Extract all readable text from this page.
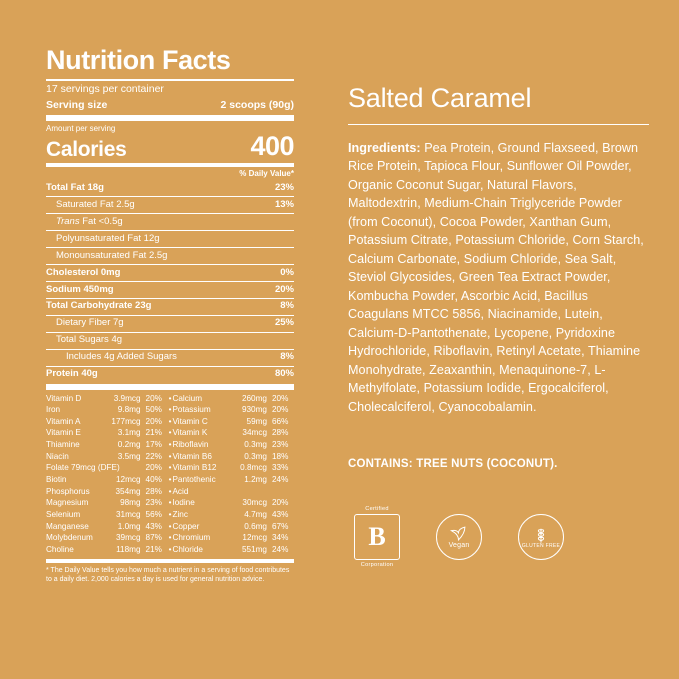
Nutrition Facts
17 servings per container
Serving size	2 scoops (90g)
Amount per serving
Calories	400
% Daily Value*
Total Fat 18g	23%
Saturated Fat 2.5g	13%
Trans Fat <0.5g
Polyunsaturated Fat 12g
Monounsaturated Fat 2.5g
Cholesterol 0mg	0%
Sodium 450mg	20%
Total Carbohydrate 23g	8%
Dietary Fiber 7g	25%
Total Sugars 4g
Includes 4g Added Sugars	8%
Protein 40g	80%
Vitamin D	3.9mcg 20% • Calcium	260mg 20%
Iron	9.8mg 50% • Potassium	930mg 20%
Vitamin A	177mcg 20% • Vitamin C	59mg 66%
Vitamin E	3.1mg 21% • Vitamin K	34mcg 28%
Thiamine	0.2mg 17% • Riboflavin	0.3mg 23%
Niacin	3.5mg 22% • Vitamin B6	0.3mg 18%
Folate 79mcg (DFE)	20% • Vitamin B12	0.8mcg 33%
Biotin	12mcg 40% • Pantothenic	1.2mg 24%
Phosphorus	354mg 28% • Acid
Magnesium	98mg 23% • Iodine	30mcg 20%
Selenium	31mcg 56% • Zinc	4.7mg 43%
Manganese	1.0mg 43% • Copper	0.6mg 67%
Molybdenum	39mcg 87% • Chromium	12mcg 34%
Choline	118mg 21% • Chloride	551mg 24%
* The Daily Value tells you how much a nutrient in a serving of food contributes to a daily diet. 2,000 calories a day is used for general nutrition advice.
Salted Caramel
Ingredients: Pea Protein, Ground Flaxseed, Brown Rice Protein, Tapioca Flour, Sunflower Oil Powder, Organic Coconut Sugar, Natural Flavors, Maltodextrin, Medium-Chain Triglyceride Powder (from Coconut), Cocoa Powder, Xanthan Gum, Potassium Citrate, Potassium Chloride, Corn Starch, Calcium Carbonate, Sodium Chloride, Sea Salt, Steviol Glycosides, Green Tea Extract Powder, Kombucha Powder, Ascorbic Acid, Bacillus Coagulans MTCC 5856, Niacinamide, Lutein, Calcium-D-Pantothenate, Lycopene, Pyridoxine Hydrochloride, Riboflavin, Retinyl Acetate, Thiamine Monohydrate, Zeaxanthin, Menaquinone-7, L-Methylfolate, Potassium Iodide, Ergocalciferol, Cholecalciferol, Cyanocobalamin.
CONTAINS: TREE NUTS (COCONUT).
Certified
B
Corporation

Vegan

	GLUTEN FREE
